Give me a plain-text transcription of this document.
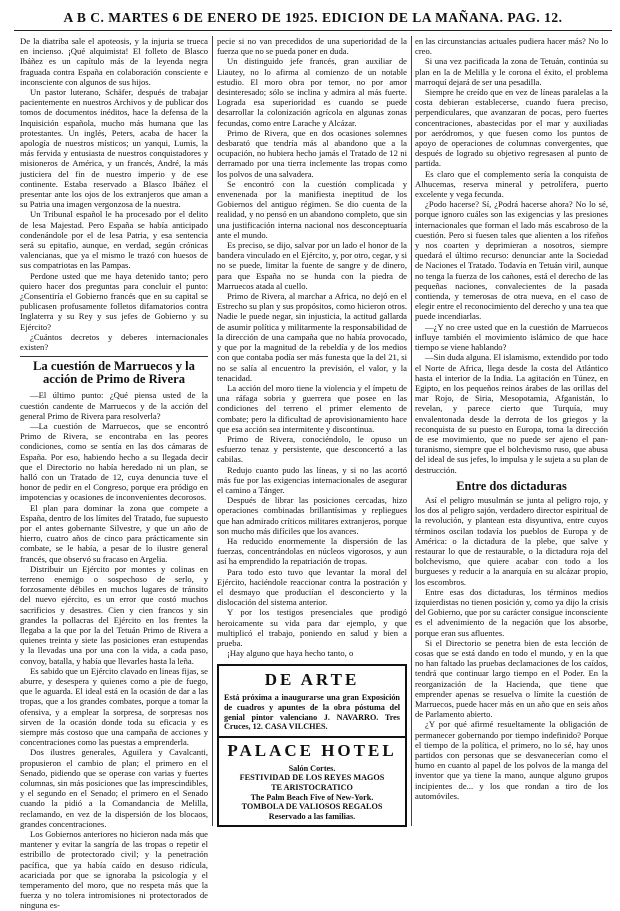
A B C. MARTES 6 DE ENERO DE 1925. EDICION DE LA MAÑANA. PAG. 12.

De la diatriba sale el apoteosis, y la injuria se trueca en incienso. ¡Qué alquimista! El folleto de Blasco Ibáñez es un capítulo más de la leyenda negra fraguada contra España en colaboración consciente e inconsciente con algunos de sus hijos.

Un pastor luterano, Schäfer, después de trabajar pacientemente en nuestros Archivos y de publicar dos tomos de documentos inéditos, hace la defensa de la Inquisición española, mucho más humana que las protestantes. Un inglés, Peters, acaba de hacer la apología de nuestros místicos; un yanqui, Lumis, la más fervida y entusiasta de nuestros conquistadores y misioneros de América, y un francés, André, la más justiciera del fin de nuestro imperio y de ese continente. Estaba reservado a Blasco Ibáñez el presentar ante los ojos de los extranjeros que aman a su Patria una imagen vergonzosa de la nuestra.

Un Tribunal español le ha procesado por el delito de lesa Majestad. Pero España se había anticipado condenándole por el de lesa Patria, y esa sentencia será su epitafio, aunque, en verdad, según crónicas valencianas, que ya el mismo le trazó con huesos de sus compatriotas en las Pampas.

Perdone usted que me haya detenido tanto; pero quiero hacer dos preguntas para concluir el punto: ¿Consentiría el Gobierno francés que en su capital se publicasen profusamente folletos difamatorios contra Inglaterra y su Rey y sus jefes de Gobierno y su Ejército?

¿Cuántos decretos y deberes internacionales existen?

La cuestión de Marruecos y la acción de Primo de Rivera

—El último punto: ¿Qué piensa usted de la cuestión candente de Marruecos y de la acción del general Primo de Rivera para resolverla?

—La cuestión de Marruecos, que se encontró Primo de Rivera, se encontraba en las peores condiciones, como se sentía en las dos cámaras de España. Por eso, habiendo hecho a su llegada decir que el Directorio no había heredado ni un plan, se halló con un Tratado de 12, cuya denuncia tuve el honor de pedir en el Congreso, porque era pródigo en impotencias y ocasiones de inconvenientes decorosos.

El plan para dominar la zona que compete a España, dentro de los límites del Tratado, fue supuesto por el antes gobernante Silvestre, y que un año de hierro, cuatro años de cinco para prácticamente sin combate, se le había, a pesar de lo ilustre general francés, que observó su fracaso en Argelia.

Distribuir un Ejército por montes y colinas en terreno enemigo o sospechoso de serlo, y forzosamente débiles en muchos lugares de tránsito del nuevo ejército, es un error que costó muchos sacrificios y desastres. Cien y cien francos y sin grandes la pollacras del Ejército en los frentes la llegaba a la que por la del Tetuán Primo de Rivera a quienes treinta y siete las posiciones eran estupendas y la llevadas una por una con la vida, a cada paso, convoy, batalla, y había que llevarles hasta la leña.

Es sabido que un Ejército clavado en lineas fijas, se aburre, y desespera y quienes como a pie de fuego, que le aguarda. El ideal está en la ocasión de dar a las tropas, que a los grandes combates, porque a tomar la ofensiva, y a emplear la sorpresa, de sorpresas nos sirven de la ocasión donde toda su eficacia y es siempre más costoso que una campaña de acciones y concentraciones como las puestas a emprenderla.

Dos ilustres generales, Aguilera y Cavalcanti, propusieron el cambio de plan; el primero en el Senado, pidiendo que se operase con varias y fuertes columnas, sin más posiciones que las imprescindibles, y el segundo en el Senado; el primero en el Senado cuando la pidió a la Comandancia de Melilla, reclamando, en vez de la dispersión de los blocaos, grandes concentraciones.

Los Gobiernos anteriores no hicieron nada más que mantener y evitar la sangría de las tropas o repetir el estribillo de protectorado civil; y la penetración pacífica, que ya había caído en desuso ridícula, acariciada por que se ignoraba la psicología y el temperamento del moro, que no respeta más que la fuerza y no tolera intromisiones ni protectorados de ninguna es-

pecie si no van precedidos de una superioridad de la fuerza que no se pueda poner en duda.

Un distinguido jefe francés, gran auxiliar de Liautey, no lo afirma al comienzo de un notable estudio. El moro obra por temor, no por amor desinteresado; sólo se inclina y admira al más fuerte. Lograda esa superioridad es cuando se puede desarrollar la colonización agrícola en algunas zonas fecundas, como entre Larache y Alcázar.

Primo de Rivera, que en dos ocasiones solemnes desbarató que tendría más al abandono que a la ocupación, no hubiera hecho jamás el Tratado de 12 ni derramado por una tierra inclemente las tropas como los polvos de una salvadera.

Se encontró con la cuestión complicada y envenenada por la manifiesta ineptitud de los Gobiernos del antiguo régimen. Se dio cuenta de la realidad, y no pensó en un abandono completo, que sin una justificación interna nacional nos desconceptuaría ante el mundo.

Es preciso, se dijo, salvar por un lado el honor de la bandera vinculado en el Ejército, y, por otro, cegar, y si no se puede, limitar la fuente de sangre y de dinero, para que España no se hunda con la piedra de Marruecos atada al cuello.

Primo de Rivera, al marchar a Africa, no dejó en el Estrecho su plan y sus propósitos, como hicieron otros. Nadie le puede negar, sin injusticia, la actitud gallarda de asumir política y militarmente la responsabilidad de la dirección de una campaña que no había provocado, y que por la magnitud de la rebeldía y de los medios con que contaba podía ser más funesta que la del 21, si no se salía al encuentro la previsión, el valor, y la tenacidad.

La acción del moro tiene la violencia y el ímpetu de una ráfaga sobria y guerrera que posee en las condiciones del terreno el primer elemento de combate; pero la dificultad de aprovisionamiento hace que esa acción sea intermitente y discontinua.

Primo de Rivera, conociéndolo, le opuso un esfuerzo tenaz y persistente, que desconcertó a las cabilas.

Redujo cuanto pudo las líneas, y si no las acortó más fue por las exigencias internacionales de asegurar el camino a Tánger.

Después de librar las posiciones cercadas, hizo operaciones combinadas brillantísimas y repliegues que han admirado críticos militares extranjeros, porque son mucho más difíciles que los avances.

Ha reducido enormemente la dispersión de las fuerzas, concentrándolas en núcleos vigorosos, y aun así ha emprendido la repatriación de tropas.

Para todo esto tuvo que levantar la moral del Ejército, haciéndole reaccionar contra la postración y el desmayo que produciían el desconcierto y la dislocación del sistema anterior.

Y por los testigos presenciales que prodigó heroicamente su vida para dar ejemplo, y que multiplicó el trabajo, poniendo en salud y bien a prueba.

¡Hay alguno que haya hecho tanto, o

DE ARTE
Está próxima a inaugurarse una gran Exposición de cuadros y apuntes de la obra póstuma del genial pintor valenciano J. NAVARRO. Tres Cruces, 12. CASA VILCHES.
PALACE HOTEL
Salón Cortes.
FESTIVIDAD DE LOS REYES MAGOS
TE ARISTOCRATICO
The Palm Beach Five of New-York.
TOMBOLA DE VALIOSOS REGALOS
Reservado a las familias.

en las circunstancias actuales pudiera hacer más? No lo creo.

Si una vez pacificada la zona de Tetuán, continúa su plan en la de Melilla y le corona el éxito, el problema marroquí dejará de ser una pesadilla.

Siempre he creído que en vez de líneas paralelas a la costa debieran establecerse, cuando fuera preciso, perpendiculares, que avanzaran de pocas, pero fuertes concentraciones, abastecidas por el mar y auxiliadas por aeródromos, y que fuesen como los puntos de apoyo de operaciones de columnas convergentes, que después de logrado su objetivo regresasen al punto de partida.

Es claro que el complemento sería la conquista de Alhucemas, reserva mineral y petrolífera, puerto excelente y vega fecunda.

¿Podo hacerse? Sí, ¿Podrá hacerse ahora? No lo sé, porque ignoro cuáles son las exigencias y las presiones internacionales que forman el lado más escabroso de la cuestión. Pero si fuesen tales que alienten a los rifeños y nos coarten y deprimieran a nosotros, siempre quedará el último recurso: denunciar ante la Sociedad de Naciones el Tratado. Todavía en Tetuán viril, aunque no tenga la fuerza de los cañones, está el derecho de las pequeñas naciones, convalecientes de la pasada contienda, y temerosas de otra nueva, en el caso de elegir entre el reconocimiento del derecho y una tea que puede incendiarlas.

—¿Y no cree usted que en la cuestión de Marruecos influye también el movimiento islámico de que hace tiempo se viene hablando?

—Sin duda alguna. El islamismo, extendido por todo el Norte de Africa, llega desde la costa del Atlántico hasta el interior de la India. La agitación en Túnez, en Egipto, en los pequeños reinos árabes de las orillas del mar Rojo, de Siria, Mesopotamia, Afganistán, lo revelan, y parece cierto que Turquía, muy envalentonada desde la derrota de los griegos y la reconquista de su puesto en Europa, toma la dirección de ese movimiento, que no puede ser ajeno el pan-turanismo, siempre que el bolchevismo ruso, que abusa del ideal de sus jefes, lo impulsa y le sujeta a su plan de destrucción.

Entre dos dictaduras

Así el peligro musulmán se junta al peligro rojo, y los dos al peligro sajón, verdadero director espiritual de la revolución, y plantean esta disyuntiva, entre cuyos términos oscilan todavía los pueblos de Europa y de América: o la dictadura de la plebe, que salve y restaurar lo que de restaurable, o la dictadura roja del bolchevismo, que quiere acabar con todo a los burgueses y reducir a la anarquía en su alcázar propio, los escombros.

Entre esas dos dictaduras, los términos medios izquierdistas no tienen posición y, como ya dijo la crisis del Gobierno, que por su carácter consigue inconsciente es el advenimiento de la negación que los absorbe, porque eran sus afluentes.

Si el Directorio se penetra bien de esta lección de cosas que se está dando en todo el mundo, y en la que no han faltado las pruebas declamaciones de los caídos, tendrá que continuar largo tiempo en el Poder. En la reorganización de la Hacienda, que tiene que emprender apenas se resuelva o límite la cuestión de Marruecos, puede hacer más en un año que en seis años de Parlamento abierto.

¿Y por qué afirmé resueltamente la obligación de permanecer gobernando por tiempo indefinido? Porque el tiempo de la política, el primero, no lo sé, hay unos partidos con personas que se desvanecerían como el humo en cuanto al papel de los polvos de la manga del inventor que ya tiene la mano, aunque alguno grupos incipientes de... y los que rondan a tiro de los automóviles.
